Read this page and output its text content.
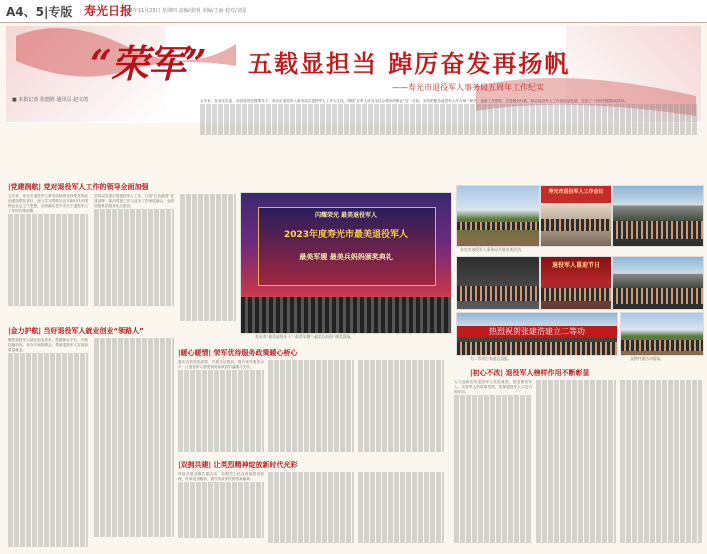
A4、5|专版 寿光日报
2023年11月23日 星期四 责编/张明 美编/王丽 校对/刘星
“荣军” 五载显担当 踔厉奋发再扬帆
——寿光市退役军人事务局五周年工作纪实
■ 本报记者 张德胜 通讯员 赵文凯	五年来，在寿光市委、市政府的坚强领导下，寿光市退役军人事务局以退役军人工作为主线，围绕“让军人成为全社会尊崇的职业”这一目标，坚持把服务退役军人作为第一职责，创新工作思路，完善服务体系，推动退役军人工作高质量发展，交出了一份份亮眼的成绩单。
|党建润航| 党对退役军人工作的领导全面加强
五年来，寿光市退役军人事务局始终坚持把党的政治建设摆在首位，深入学习贯彻习近平新时代中国特色社会主义思想，全面落实党中央关于退役军人工作的决策部署。
坚持以党建引领退役军人工作，打造“红色港湾”党建品牌，推动党建工作与业务工作深度融合，全面加强基层服务站点建设。
|金力护航| 当好退役军人就业创业“领路人”
聚焦退役军人就业创业需求，搭建就业平台，开展技能培训，举办专场招聘会，帮助退役军人实现高质量就业。
2023年度寿光市最美退役军人
最美军嫂 最美兵妈妈颁奖典礼
闪耀荣光 最美退役军人
寿光市“最美退役军人”“最美军嫂”“最美兵妈妈”颁奖现场。
寿光市退役军人工作会议
寿光市退役军人事务局开展各类活动。
退役军人喜迎节日
热烈祝贺张建浩建立二等功
为二等功臣家庭送喜报。	双拥共建活动现场。
|暖心暖情| 荣军优待服务政策暖心桥心
落实各项优抚政策，开展走访慰问，提升优待服务水平，让退役军人感受到党和政府的温暖与关怀。
|双拥共建| 让英烈精神绽放新时代光彩
持续开展双拥共建活动，加强烈士纪念设施建设管理，传承英烈精神，谱写军政军民团结新篇章。
|初心不改| 退役军人榜样作用不断彰显
大力选树宣传退役军人先进典型，营造尊崇军人、关爱军人的浓厚氛围，发挥退役军人示范引领作用。
